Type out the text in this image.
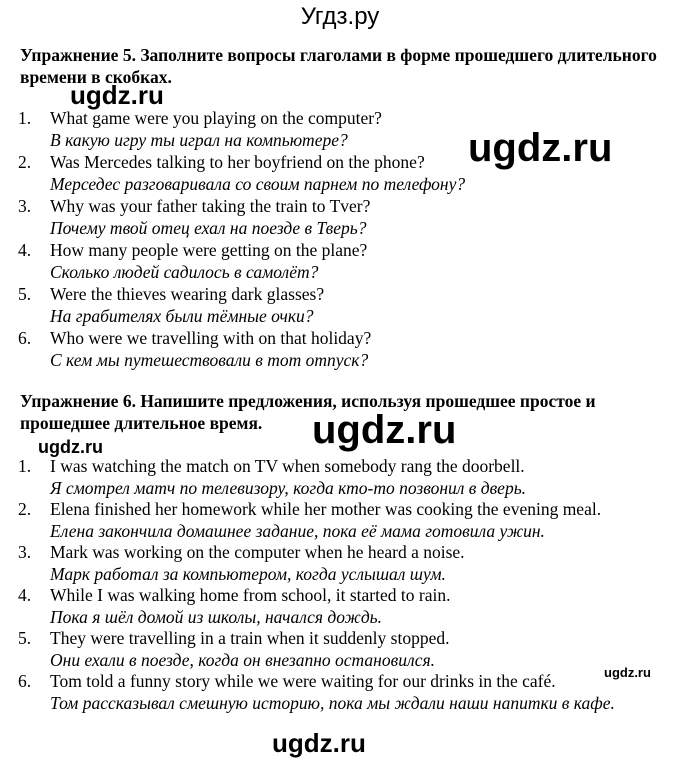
Угдз.ру
Упражнение 5. Заполните вопросы глаголами в форме прошедшего длительного времени в скобках.
1. What game were you playing on the computer?
В какую игру ты играл на компьютере?
2. Was Mercedes talking to her boyfriend on the phone?
Мерседес разговаривала со своим парнем по телефону?
3. Why was your father taking the train to Tver?
Почему твой отец ехал на поезде в Тверь?
4. How many people were getting on the plane?
Сколько людей садилось в самолёт?
5. Were the thieves wearing dark glasses?
На грабителях были тёмные очки?
6. Who were we travelling with on that holiday?
С кем мы путешествовали в тот отпуск?
Упражнение 6. Напишите предложения, используя прошедшее простое и прошедшее длительное время.
1. I was watching the match on TV when somebody rang the doorbell.
Я смотрел матч по телевизору, когда кто-то позвонил в дверь.
2. Elena finished her homework while her mother was cooking the evening meal.
Елена закончила домашнее задание, пока её мама готовила ужин.
3. Mark was working on the computer when he heard a noise.
Марк работал за компьютером, когда услышал шум.
4. While I was walking home from school, it started to rain.
Пока я шёл домой из школы, начался дождь.
5. They were travelling in a train when it suddenly stopped.
Они ехали в поезде, когда он внезапно остановился.
6. Tom told a funny story while we were waiting for our drinks in the café.
Том рассказывал смешную историю, пока мы ждали наши напитки в кафе.
ugdz.ru
ugdz.ru
ugdz.ru
ugdz.ru
ugdz.ru
ugdz.ru
